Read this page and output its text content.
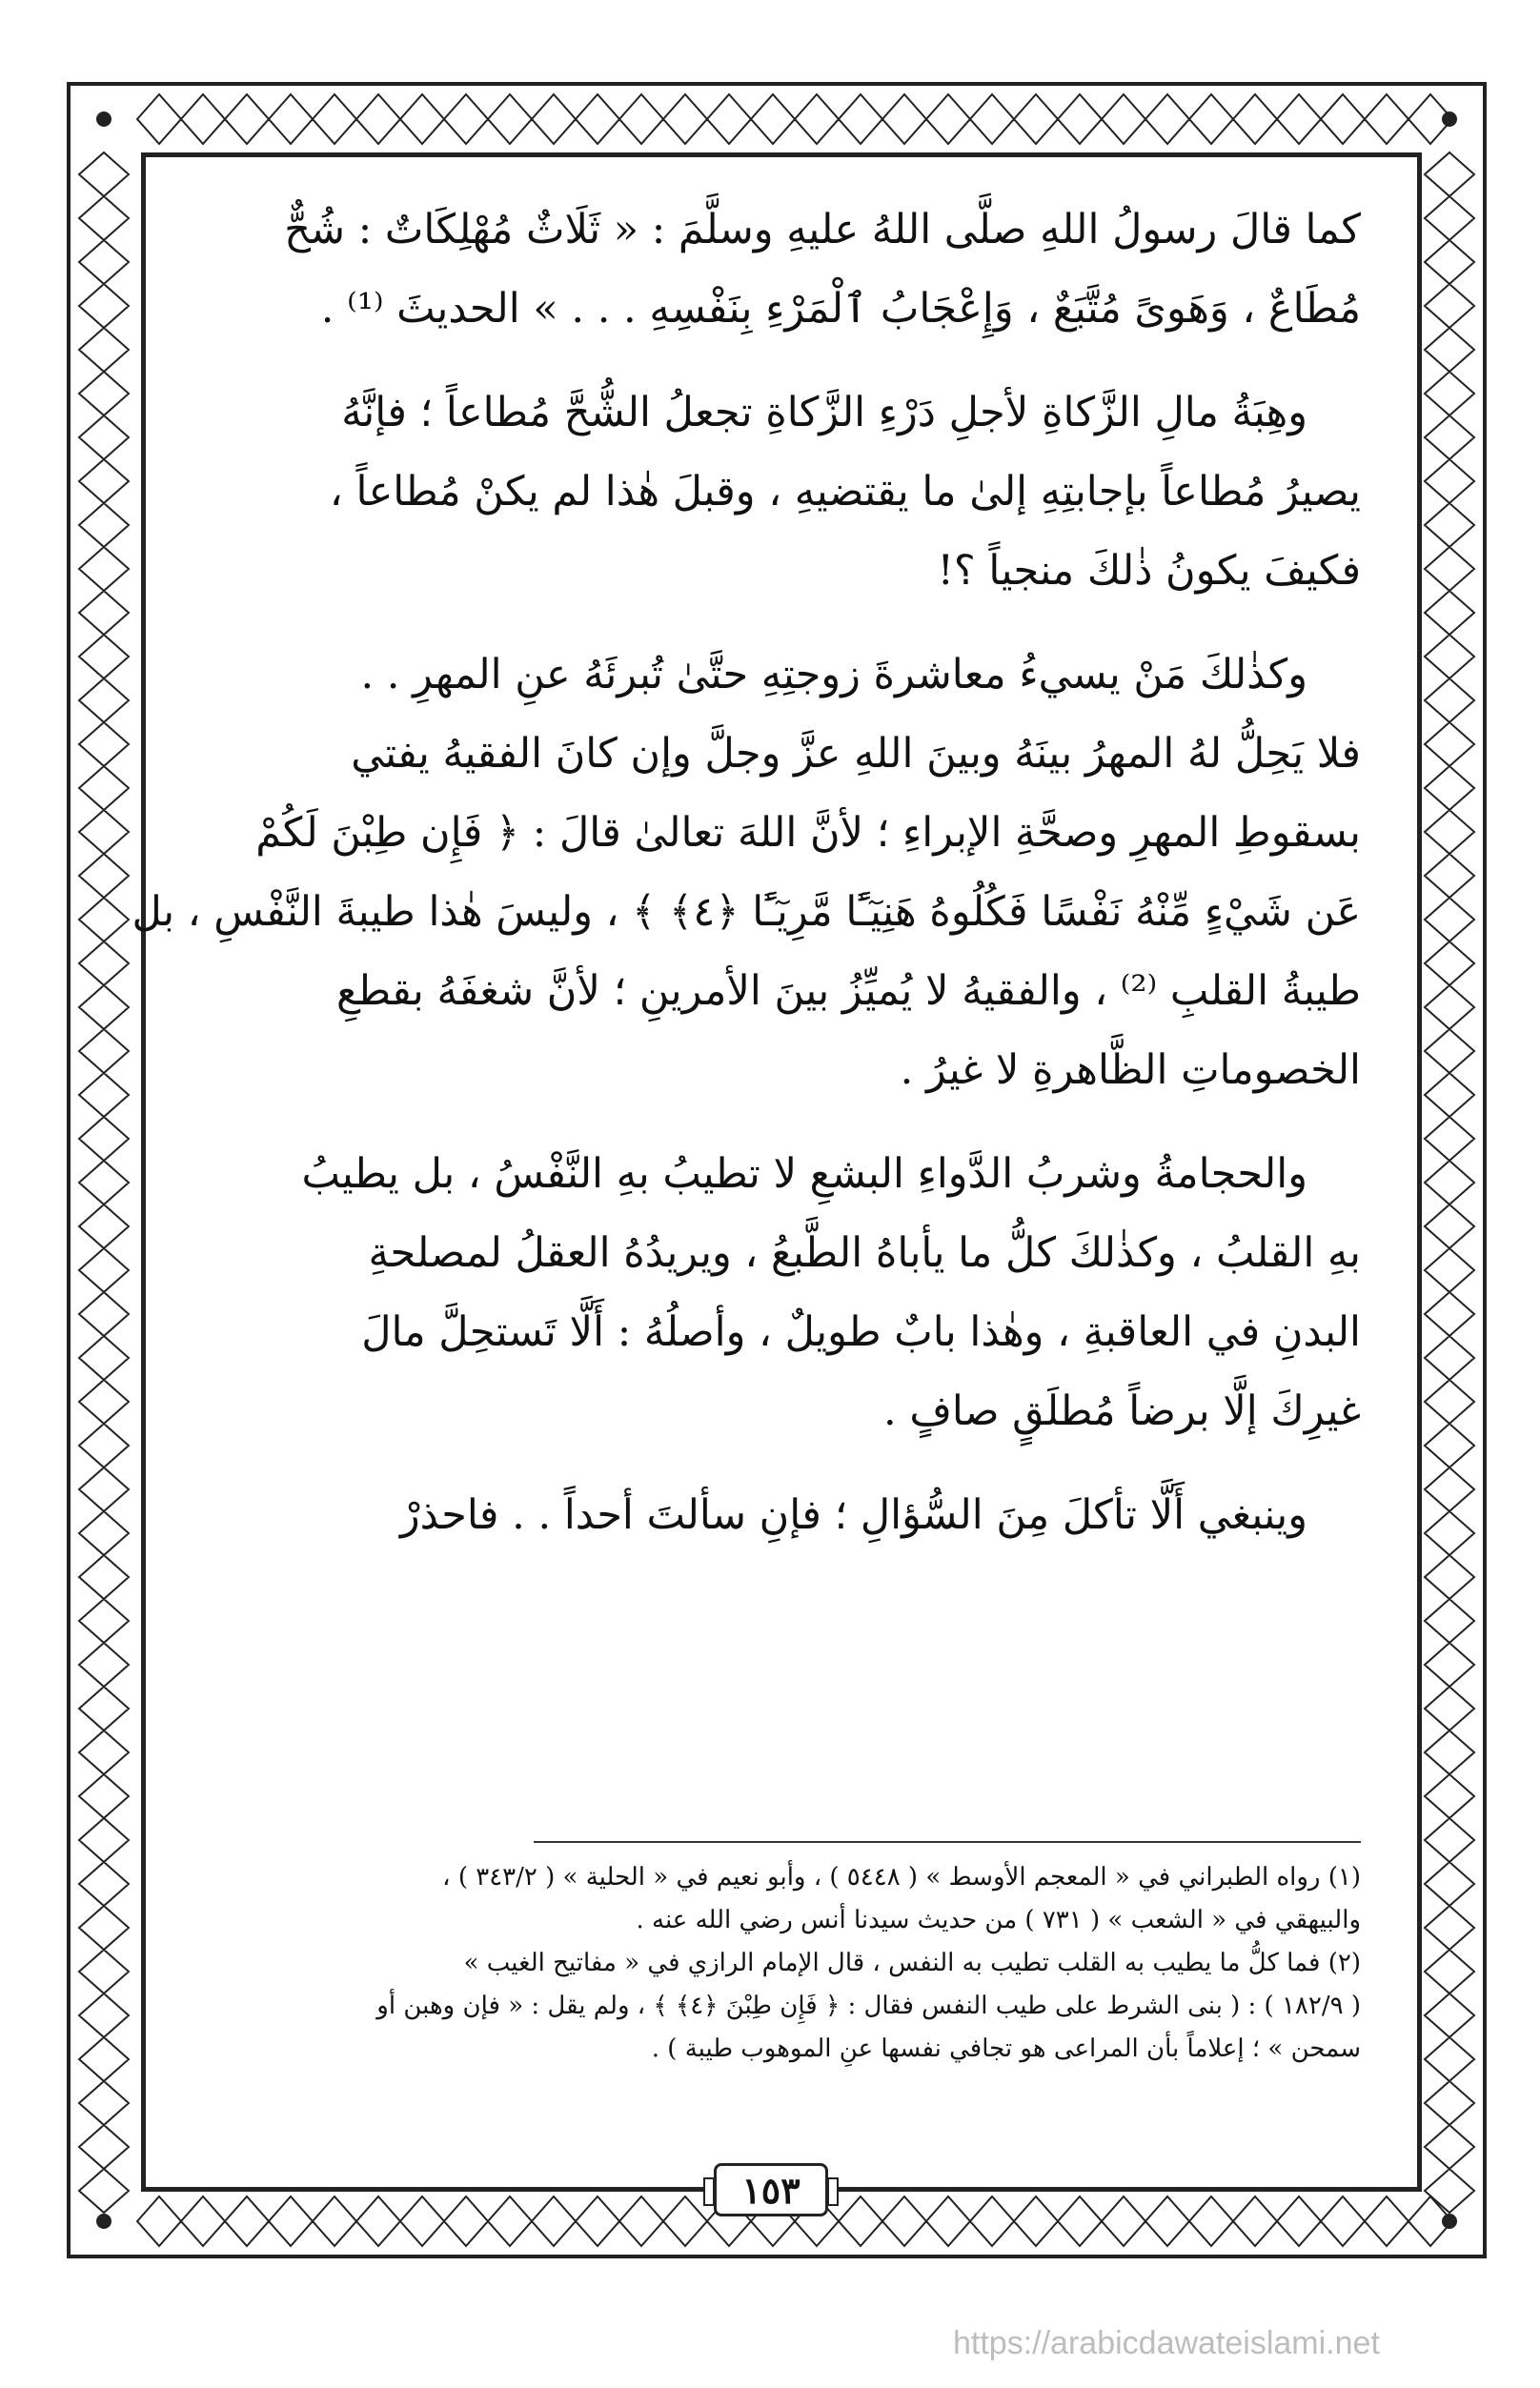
كما قالَ رسولُ اللهِ صلَّى اللهُ عليهِ وسلَّمَ : « ثَلَاثٌ مُهْلِكَاتٌ : شُحٌّ
مُطَاعٌ ، وَهَوىً مُتَّبَعٌ ، وَإِعْجَابُ ٱلْمَرْءِ بِنَفْسِهِ . . . » الحديثَ ⁽¹⁾ .
وهِبَةُ مالِ الزَّكاةِ لأجلِ دَرْءِ الزَّكاةِ تجعلُ الشُّحَّ مُطاعاً ؛ فإنَّهُ
يصيرُ مُطاعاً بإجابتِهِ إلىٰ ما يقتضيهِ ، وقبلَ هٰذا لم يكنْ مُطاعاً ،
فكيفَ يكونُ ذٰلكَ منجياً ؟!
وكذٰلكَ مَنْ يسيءُ معاشرةَ زوجتِهِ حتَّىٰ تُبرئَهُ عنِ المهرِ . .
فلا يَحِلُّ لهُ المهرُ بينَهُ وبينَ اللهِ عزَّ وجلَّ وإن كانَ الفقيهُ يفتي
بسقوطِ المهرِ وصحَّةِ الإبراءِ ؛ لأنَّ اللهَ تعالىٰ قالَ : ﴿ فَإِن طِبْنَ لَكُمْ
عَن شَيْءٍ مِّنْهُ نَفْسًا فَكُلُوهُ هَنِيٓـًٔا مَّرِيٓـًٔا ﴿٤﴾ ﴾ ، وليسَ هٰذا طيبةَ النَّفْسِ ، بل
طيبةُ القلبِ ⁽²⁾ ، والفقيهُ لا يُميِّزُ بينَ الأمرينِ ؛ لأنَّ شغفَهُ بقطعِ
الخصوماتِ الظَّاهرةِ لا غيرُ .
والحجامةُ وشربُ الدَّواءِ البشعِ لا تطيبُ بهِ النَّفْسُ ، بل يطيبُ
بهِ القلبُ ، وكذٰلكَ كلُّ ما يأباهُ الطَّبعُ ، ويريدُهُ العقلُ لمصلحةِ
البدنِ في العاقبةِ ، وهٰذا بابٌ طويلٌ ، وأصلُهُ : أَلَّا تَستحِلَّ مالَ
غيرِكَ إلَّا برضاً مُطلَقٍ صافٍ .
وينبغي أَلَّا تأكلَ مِنَ السُّؤالِ ؛ فإنِ سألتَ أحداً . . فاحذرْ
(١) رواه الطبراني في « المعجم الأوسط » ( ٥٤٤٨ ) ، وأبو نعيم في « الحلية » ( ٣٤٣/٢ ) ،
والبيهقي في « الشعب » ( ٧٣١ ) من حديث سيدنا أنس رضي الله عنه .
(٢) فما كلُّ ما يطيب به القلب تطيب به النفس ، قال الإمام الرازي في « مفاتيح الغيب »
( ١٨٢/٩ ) : ( بنى الشرط على طيب النفس فقال : ﴿ فَإِن طِبْنَ ﴿٤﴾ ﴾ ، ولم يقل : « فإن وهبن أو
سمحن » ؛ إعلاماً بأن المراعى هو تجافي نفسها عنِ الموهوب طيبة ) .
١٥٣
https://arabicdawateislami.net
